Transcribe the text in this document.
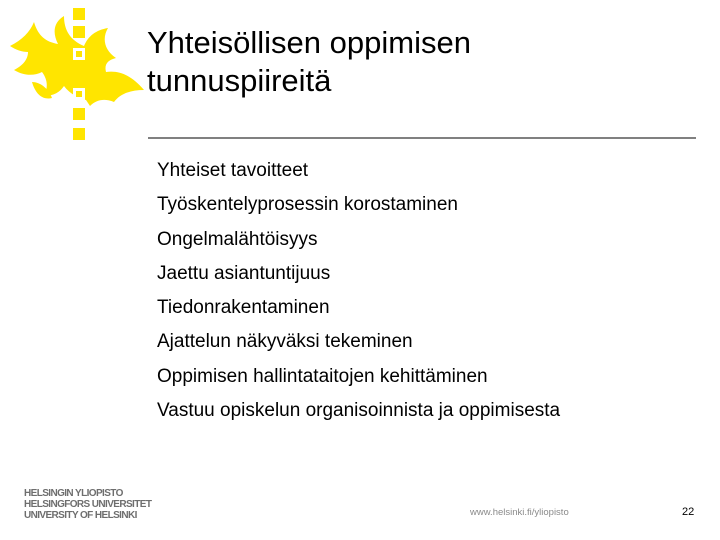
Yhteisöllisen oppimisen
tunnuspiireitä
Yhteiset tavoitteet
Työskentelyprosessin korostaminen
Ongelmalähtöisyys
Jaettu asiantuntijuus
Tiedonrakentaminen
Ajattelun näkyväksi tekeminen
Oppimisen hallintataitojen kehittäminen
Vastuu opiskelun organisoinnista ja oppimisesta
HELSINGIN YLIOPISTO
HELSINGFORS UNIVERSITET
UNIVERSITY OF HELSINKI	www.helsinki.fi/yliopisto	22
